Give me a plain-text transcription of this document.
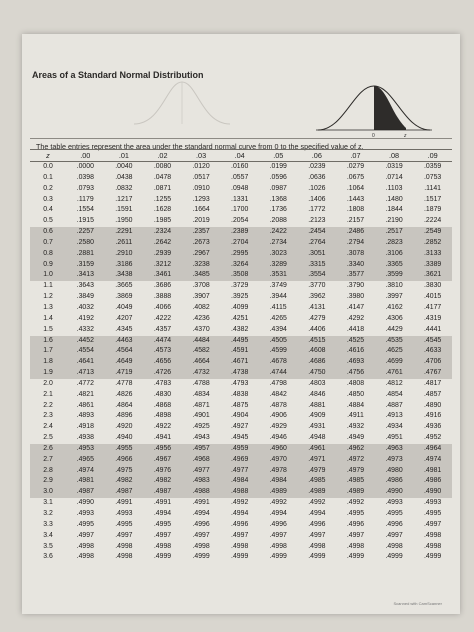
Areas of a Standard Normal Distribution
0	z
The table entries represent the area under the standard normal curve from 0 to the specified value of z.
z	.00	.01	.02	.03	.04	.05	.06	.07	.08	.09
0.0	.0000	.0040	.0080	.0120	.0160	.0199	.0239	.0279	.0319	.0359
0.1	.0398	.0438	.0478	.0517	.0557	.0596	.0636	.0675	.0714	.0753
0.2	.0793	.0832	.0871	.0910	.0948	.0987	.1026	.1064	.1103	.1141
0.3	.1179	.1217	.1255	.1293	.1331	.1368	.1406	.1443	.1480	.1517
0.4	.1554	.1591	.1628	.1664	.1700	.1736	.1772	.1808	.1844	.1879
0.5	.1915	.1950	.1985	.2019	.2054	.2088	.2123	.2157	.2190	.2224
0.6	.2257	.2291	.2324	.2357	.2389	.2422	.2454	.2486	.2517	.2549
0.7	.2580	.2611	.2642	.2673	.2704	.2734	.2764	.2794	.2823	.2852
0.8	.2881	.2910	.2939	.2967	.2995	.3023	.3051	.3078	.3106	.3133
0.9	.3159	.3186	.3212	.3238	.3264	.3289	.3315	.3340	.3365	.3389
1.0	.3413	.3438	.3461	.3485	.3508	.3531	.3554	.3577	.3599	.3621
1.1	.3643	.3665	.3686	.3708	.3729	.3749	.3770	.3790	.3810	.3830
1.2	.3849	.3869	.3888	.3907	.3925	.3944	.3962	.3980	.3997	.4015
1.3	.4032	.4049	.4066	.4082	.4099	.4115	.4131	.4147	.4162	.4177
1.4	.4192	.4207	.4222	.4236	.4251	.4265	.4279	.4292	.4306	.4319
1.5	.4332	.4345	.4357	.4370	.4382	.4394	.4406	.4418	.4429	.4441
1.6	.4452	.4463	.4474	.4484	.4495	.4505	.4515	.4525	.4535	.4545
1.7	.4554	.4564	.4573	.4582	.4591	.4599	.4608	.4616	.4625	.4633
1.8	.4641	.4649	.4656	.4664	.4671	.4678	.4686	.4693	.4699	.4706
1.9	.4713	.4719	.4726	.4732	.4738	.4744	.4750	.4756	.4761	.4767
2.0	.4772	.4778	.4783	.4788	.4793	.4798	.4803	.4808	.4812	.4817
2.1	.4821	.4826	.4830	.4834	.4838	.4842	.4846	.4850	.4854	.4857
2.2	.4861	.4864	.4868	.4871	.4875	.4878	.4881	.4884	.4887	.4890
2.3	.4893	.4896	.4898	.4901	.4904	.4906	.4909	.4911	.4913	.4916
2.4	.4918	.4920	.4922	.4925	.4927	.4929	.4931	.4932	.4934	.4936
2.5	.4938	.4940	.4941	.4943	.4945	.4946	.4948	.4949	.4951	.4952
2.6	.4953	.4955	.4956	.4957	.4959	.4960	.4961	.4962	.4963	.4964
2.7	.4965	.4966	.4967	.4968	.4969	.4970	.4971	.4972	.4973	.4974
2.8	.4974	.4975	.4976	.4977	.4977	.4978	.4979	.4979	.4980	.4981
2.9	.4981	.4982	.4982	.4983	.4984	.4984	.4985	.4985	.4986	.4986
3.0	.4987	.4987	.4987	.4988	.4988	.4989	.4989	.4989	.4990	.4990
3.1	.4990	.4991	.4991	.4991	.4992	.4992	.4992	.4992	.4993	.4993
3.2	.4993	.4993	.4994	.4994	.4994	.4994	.4994	.4995	.4995	.4995
3.3	.4995	.4995	.4995	.4996	.4996	.4996	.4996	.4996	.4996	.4997
3.4	.4997	.4997	.4997	.4997	.4997	.4997	.4997	.4997	.4997	.4998
3.5	.4998	.4998	.4998	.4998	.4998	.4998	.4998	.4998	.4998	.4998
3.6	.4998	.4998	.4999	.4999	.4999	.4999	.4999	.4999	.4999	.4999
Scanned with CamScanner
